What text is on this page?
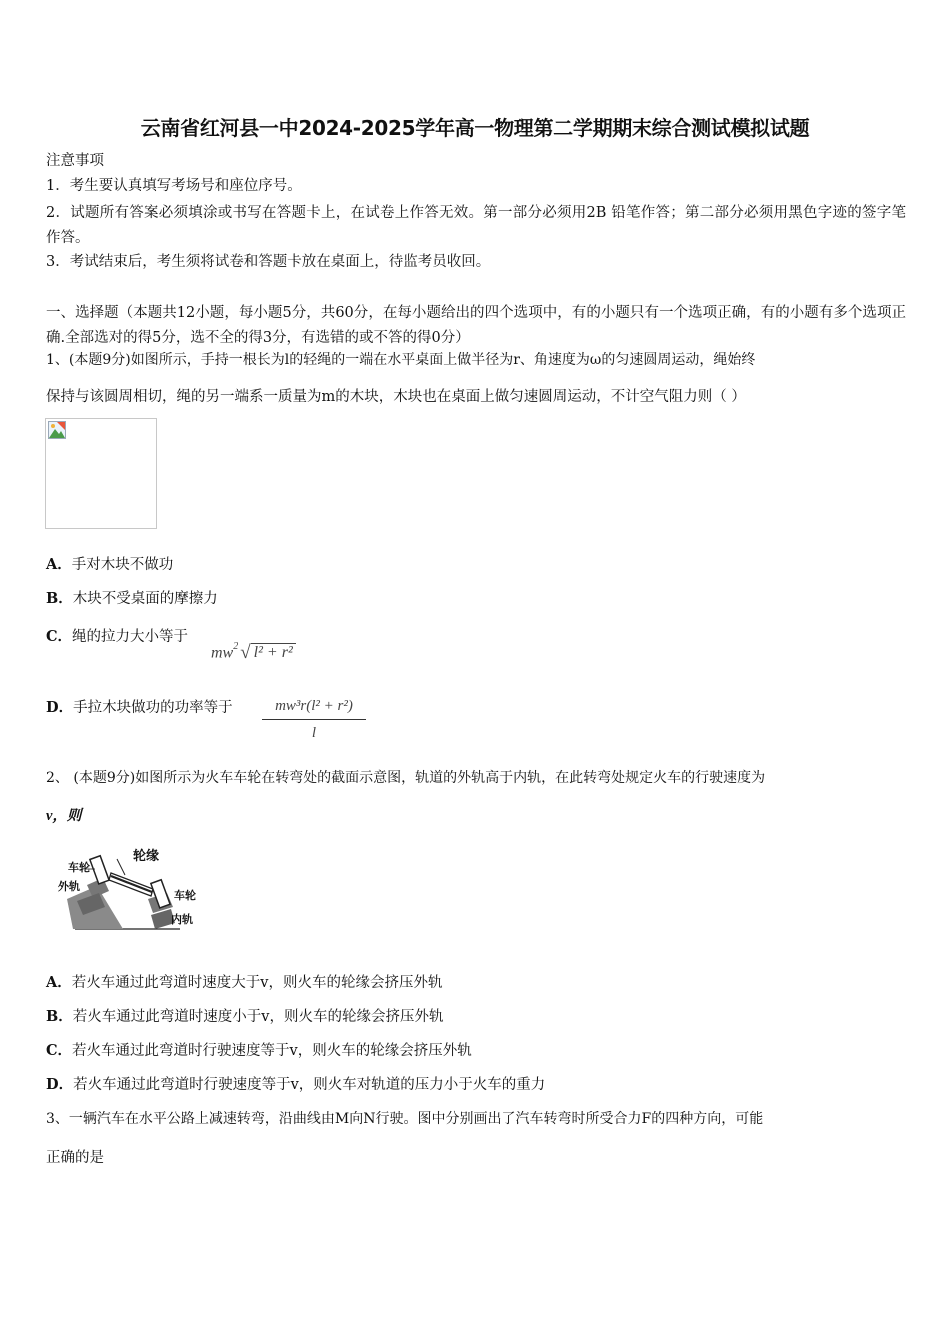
云南省红河县一中2024-2025学年高一物理第二学期期末综合测试模拟试题
注意事项
1．考生要认真填写考场号和座位序号。
2．试题所有答案必须填涂或书写在答题卡上，在试卷上作答无效。第一部分必须用2B 铅笔作答；第二部分必须用黑色字迹的签字笔作答。
3．考试结束后，考生须将试卷和答题卡放在桌面上，待监考员收回。
一、选择题（本题共12小题，每小题5分，共60分，在每小题给出的四个选项中，有的小题只有一个选项正确，有的小题有多个选项正确.全部选对的得5分，选不全的得3分，有选错的或不答的得0分）
1、(本题9分)如图所示，手持一根长为l的轻绳的一端在水平桌面上做半径为r、角速度为ω的匀速圆周运动，绳始终
保持与该圆周相切，绳的另一端系一质量为m的木块，木块也在桌面上做匀速圆周运动，不计空气阻力则（ ）
A．手对木块不做功
B．木块不受桌面的摩擦力
C．绳的拉力大小等于
$mw^2$ √ l² + r²
D．手拉木块做功的功率等于	mw³r(l² + r²)
l
2、 (本题9分)如图所示为火车车轮在转弯处的截面示意图，轨道的外轨高于内轨，在此转弯处规定火车的行驶速度为
v，则
车轮
外轨
轮缘
车轮
内轨
A．若火车通过此弯道时速度大于v，则火车的轮缘会挤压外轨
B．若火车通过此弯道时速度小于v，则火车的轮缘会挤压外轨
C．若火车通过此弯道时行驶速度等于v，则火车的轮缘会挤压外轨
D．若火车通过此弯道时行驶速度等于v，则火车对轨道的压力小于火车的重力
3、一辆汽车在水平公路上减速转弯，沿曲线由M向N行驶。图中分别画出了汽车转弯时所受合力F的四种方向，可能
正确的是
